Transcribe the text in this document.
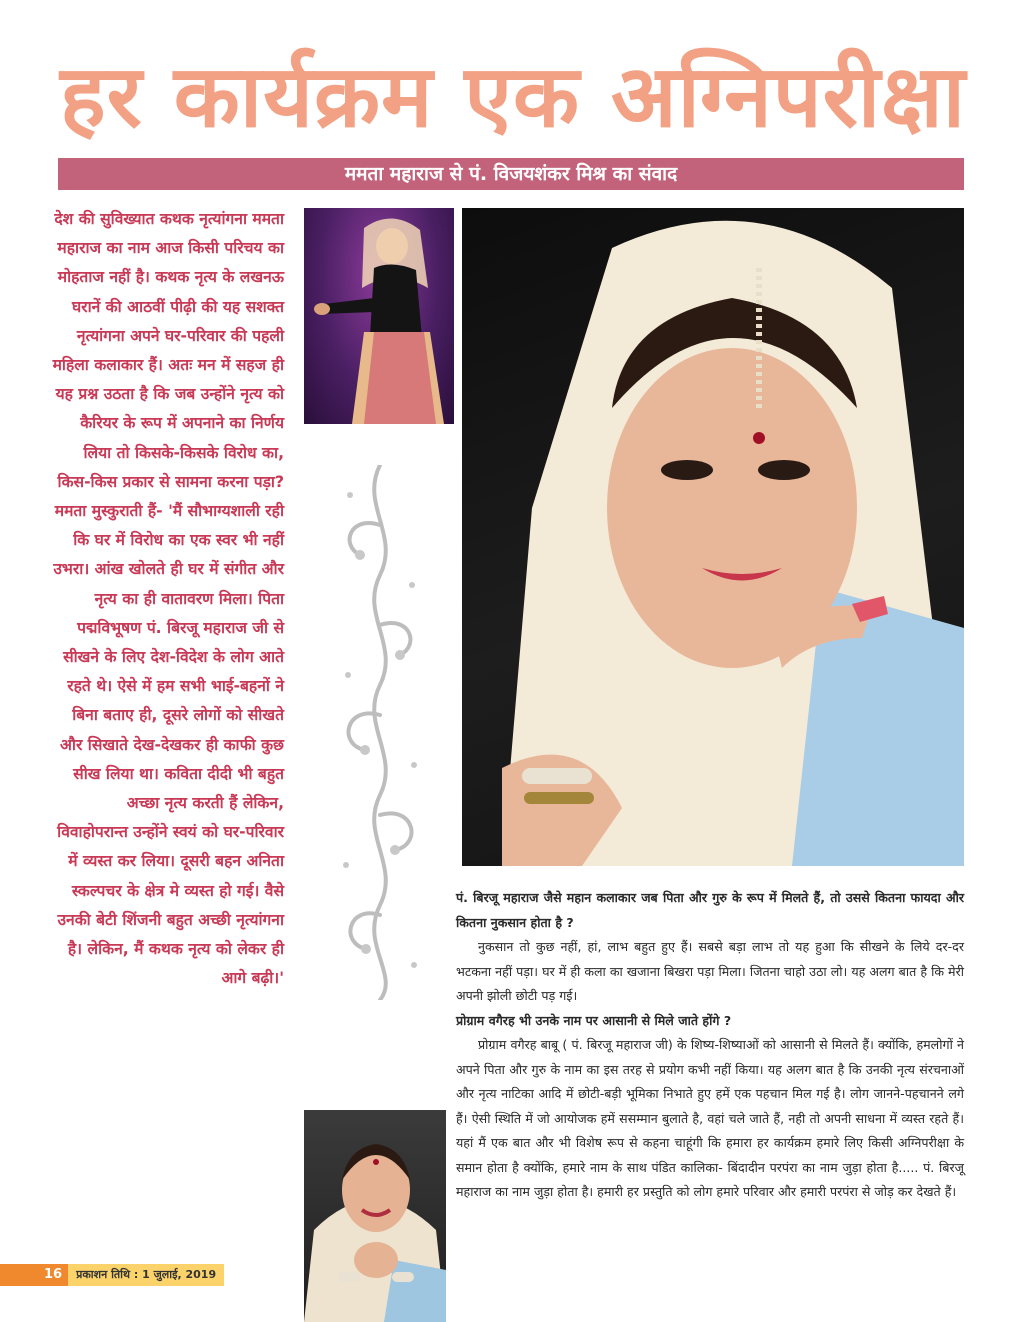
हर कार्यक्रम एक अग्निपरीक्षा
ममता महाराज से पं. विजयशंकर मिश्र का संवाद

देश की सुविख्यात कथक नृत्यांगना ममता महाराज का नाम आज किसी परिचय का मोहताज नहीं है। कथक नृत्य के लखनऊ घरानें की आठवीं पीढ़ी की यह सशक्त नृत्यांगना अपने घर-परिवार की पहली महिला कलाकार हैं। अतः मन में सहज ही यह प्रश्न उठता है कि जब उन्होंने नृत्य को कैरियर के रूप में अपनाने का निर्णय लिया तो किसके-किसके विरोध का, किस-किस प्रकार से सामना करना पड़ा? ममता मुस्कुराती हैं- 'मैं सौभाग्यशाली रही कि घर में विरोध का एक स्वर भी नहीं उभरा। आंख खोलते ही घर में संगीत और नृत्य का ही वातावरण मिला। पिता पद्मविभूषण पं. बिरजू महाराज जी से सीखने के लिए देश-विदेश के लोग आते रहते थे। ऐसे में हम सभी भाई-बहनों ने बिना बताए ही, दूसरे लोगों को सीखते और सिखाते देख-देखकर ही काफी कुछ सीख लिया था। कविता दीदी भी बहुत अच्छा नृत्य करती हैं लेकिन, विवाहोपरान्त उन्होंने स्वयं को घर-परिवार में व्यस्त कर लिया। दूसरी बहन अनिता स्कल्पचर के क्षेत्र मे व्यस्त हो गई। वैसे उनकी बेटी शिंजनी बहुत अच्छी नृत्यांगना है। लेकिन, मैं कथक नृत्य को लेकर ही आगे बढ़ी।'

पं. बिरजू महाराज जैसे महान कलाकार जब पिता और गुरु के रूप में मिलते हैं, तो उससे कितना फायदा और कितना नुकसान होता है ?

नुकसान तो कुछ नहीं, हां, लाभ बहुत हुए हैं। सबसे बड़ा लाभ तो यह हुआ कि सीखने के लिये दर-दर भटकना नहीं पड़ा। घर में ही कला का खजाना बिखरा पड़ा मिला। जितना चाहो उठा लो। यह अलग बात है कि मेरी अपनी झोली छोटी पड़ गई।

प्रोग्राम वगैरह भी उनके नाम पर आसानी से मिले जाते होंगे ?

प्रोग्राम वगैरह बाबू ( पं. बिरजू महाराज जी) के शिष्य-शिष्याओं को आसानी से मिलते हैं। क्योंकि, हमलोगों ने अपने पिता और गुरु के नाम का इस तरह से प्रयोग कभी नहीं किया। यह अलग बात है कि उनकी नृत्य संरचनाओं और नृत्य नाटिका आदि में छोटी-बड़ी भूमिका निभाते हुए हमें एक पहचान मिल गई है। लोग जानने-पहचानने लगे हैं। ऐसी स्थिति में जो आयोजक हमें ससम्मान बुलाते है, वहां चले जाते हैं, नही तो अपनी साधना में व्यस्त रहते हैं। यहां मैं एक बात और भी विशेष रूप से कहना चाहूंगी कि हमारा हर कार्यक्रम हमारे लिए किसी अग्निपरीक्षा के समान होता है क्योंकि, हमारे नाम के साथ पंडित कालिका- बिंदादीन परपंरा का नाम जुड़ा होता है..... पं. बिरजू महाराज का नाम जुड़ा होता है। हमारी हर प्रस्तुति को लोग हमारे परिवार और हमारी परपंरा से जोड़ कर देखते हैं।

16	प्रकाशन तिथि : 1 जुलाई, 2019
